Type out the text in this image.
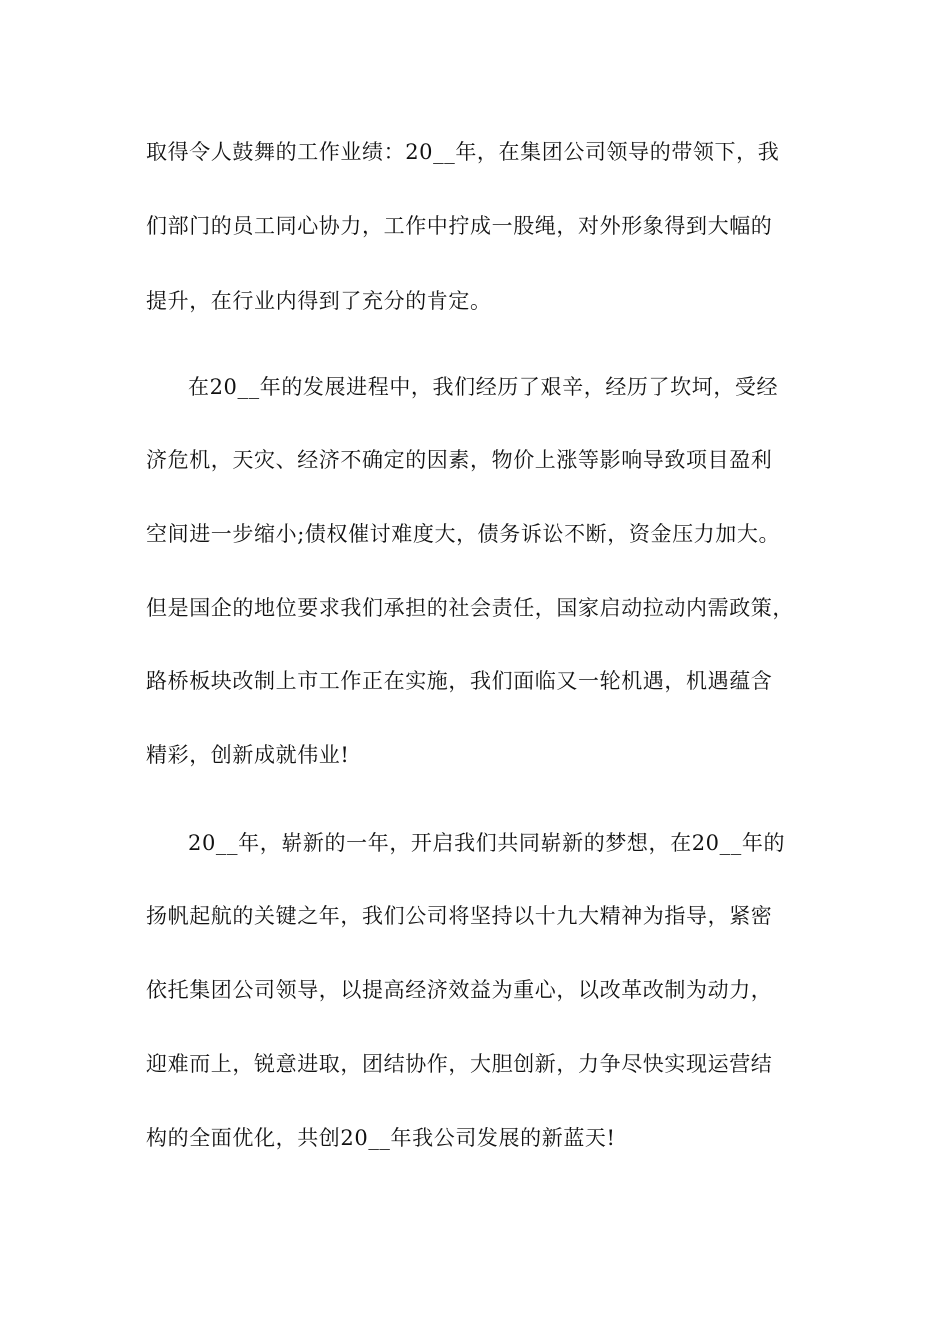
取得令人鼓舞的工作业绩：20__年，在集团公司领导的带领下，我
们部门的员工同心协力，工作中拧成一股绳，对外形象得到大幅的
提升，在行业内得到了充分的肯定。
在20__年的发展进程中，我们经历了艰辛，经历了坎坷，受经
济危机，天灾、经济不确定的因素，物价上涨等影响导致项目盈利
空间进一步缩小;债权催讨难度大，债务诉讼不断，资金压力加大。
但是国企的地位要求我们承担的社会责任，国家启动拉动内需政策，
路桥板块改制上市工作正在实施，我们面临又一轮机遇，机遇蕴含
精彩，创新成就伟业!
20__年，崭新的一年，开启我们共同崭新的梦想，在20__年的
扬帆起航的关键之年，我们公司将坚持以十九大精神为指导，紧密
依托集团公司领导，以提高经济效益为重心，以改革改制为动力，
迎难而上，锐意进取，团结协作，大胆创新，力争尽快实现运营结
构的全面优化，共创20__年我公司发展的新蓝天!
